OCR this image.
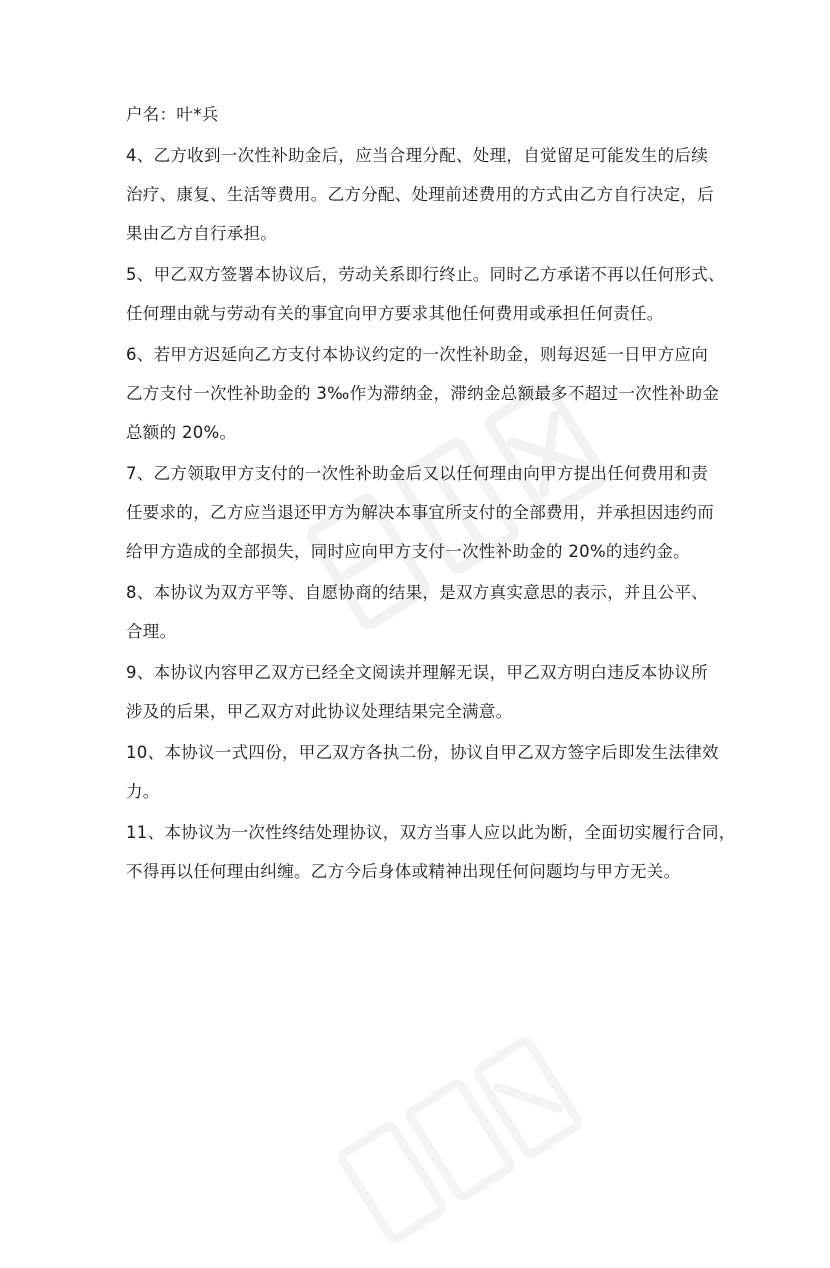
户名：叶*兵
4、乙方收到一次性补助金后，应当合理分配、处理，自觉留足可能发生的后续
治疗、康复、生活等费用。乙方分配、处理前述费用的方式由乙方自行决定，后
果由乙方自行承担。
5、甲乙双方签署本协议后，劳动关系即行终止。同时乙方承诺不再以任何形式、
任何理由就与劳动有关的事宜向甲方要求其他任何费用或承担任何责任。
6、若甲方迟延向乙方支付本协议约定的一次性补助金，则每迟延一日甲方应向
乙方支付一次性补助金的 3‰作为滞纳金，滞纳金总额最多不超过一次性补助金
总额的 20%。
7、乙方领取甲方支付的一次性补助金后又以任何理由向甲方提出任何费用和责
任要求的，乙方应当退还甲方为解决本事宜所支付的全部费用，并承担因违约而
给甲方造成的全部损失，同时应向甲方支付一次性补助金的 20%的违约金。
8、本协议为双方平等、自愿协商的结果，是双方真实意思的表示，并且公平、
合理。
9、本协议内容甲乙双方已经全文阅读并理解无误，甲乙双方明白违反本协议所
涉及的后果，甲乙双方对此协议处理结果完全满意。
10、本协议一式四份，甲乙双方各执二份，协议自甲乙双方签字后即发生法律效
力。
11、本协议为一次性终结处理协议，双方当事人应以此为断，全面切实履行合同，
不得再以任何理由纠缠。乙方今后身体或精神出现任何问题均与甲方无关。
